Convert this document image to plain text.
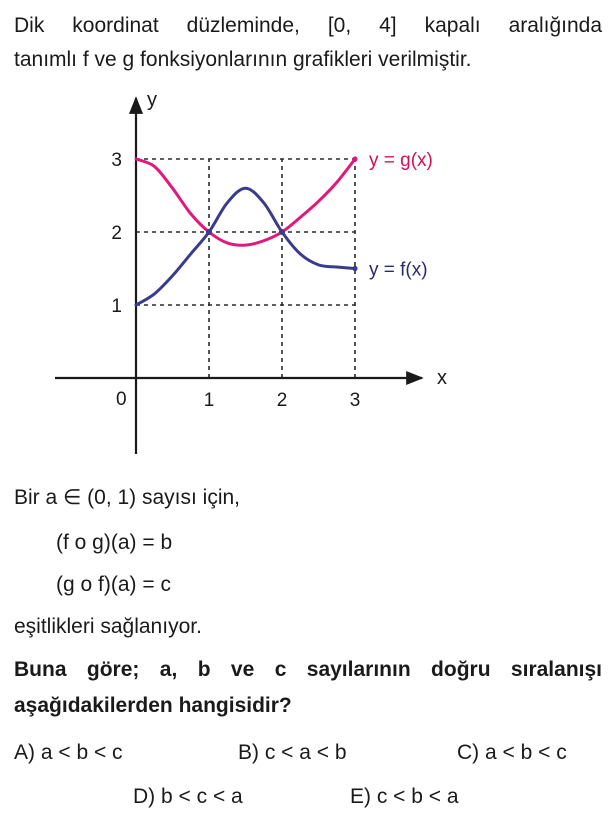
Dik koordinat düzleminde, [0, 4] kapalı aralığında
tanımlı f ve g fonksiyonlarının grafikleri verilmiştir.

x
y
0	1	2	3
1
2
3	y = g(x)
y = f(x)

Bir a ∈ (0, 1) sayısı için,

(f o g)(a) = b

(g o f)(a) = c

eşitlikleri sağlanıyor.

Buna göre; a, b ve c sayılarının doğru sıralanışı
aşağıdakilerden hangisidir?

A) a < b < c	B) c < a < b	C) a < b < c
D) b < c < a	E) c < b < a
